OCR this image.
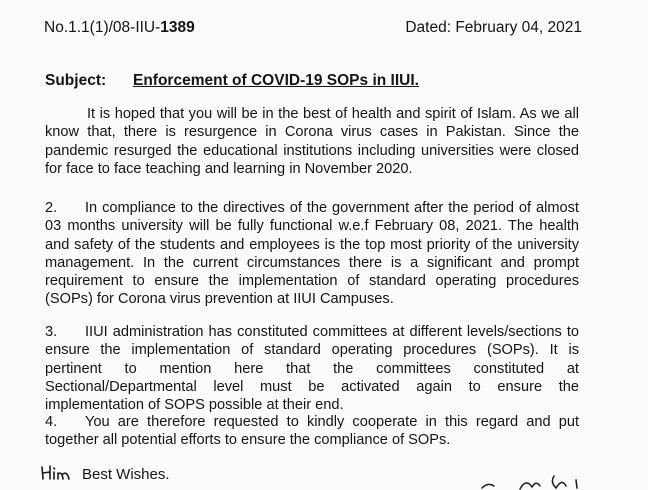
No.1.1(1)/08-IIU-1389	Dated: February 04, 2021
Subject: Enforcement of COVID-19 SOPs in IIUI.

It is hoped that you will be in the best of health and spirit of Islam. As we all know that, there is resurgence in Corona virus cases in Pakistan. Since the pandemic resurged the educational institutions including universities were closed for face to face teaching and learning in November 2020.

2. In compliance to the directives of the government after the period of almost 03 months university will be fully functional w.e.f February 08, 2021. The health and safety of the students and employees is the top most priority of the university management. In the current circumstances there is a significant and prompt requirement to ensure the implementation of standard operating procedures (SOPs) for Corona virus prevention at IIUI Campuses.

3. IIUI administration has constituted committees at different levels/sections to ensure the implementation of standard operating procedures (SOPs). It is pertinent to mention here that the committees constituted at Sectional/Departmental level must be activated again to ensure the implementation of SOPS possible at their end.

4. You are therefore requested to kindly cooperate in this regard and put together all potential efforts to ensure the compliance of SOPs.

Best Wishes.
